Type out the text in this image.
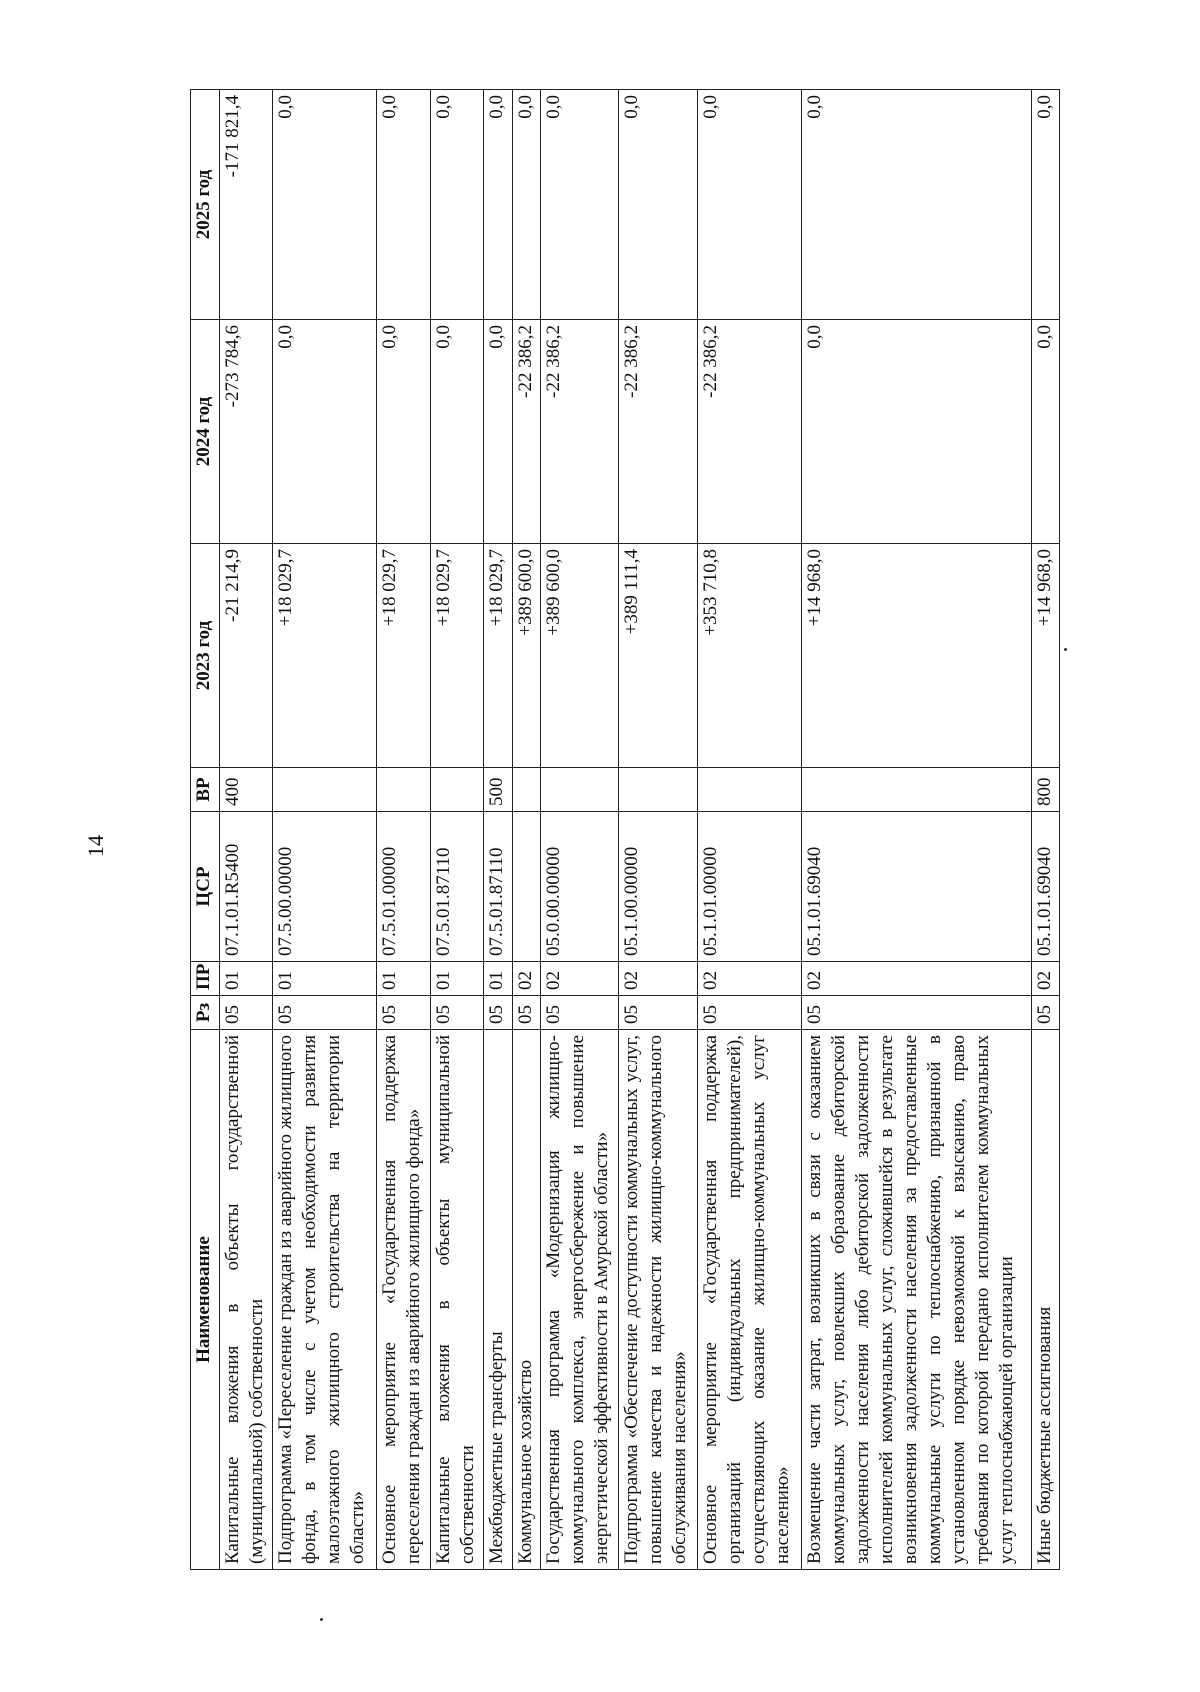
14
Наименование	Рз	ПР	ЦСР	ВР	2023 год	2024 год	2025 год
Капитальные вложения в объекты государственной (муниципальной) собственности	05	01	07.1.01.R5400	400	-21 214,9	-273 784,6	-171 821,4
Подпрограмма «Переселение граждан из аварийного жилищного фонда, в том числе с учетом необходимости развития малоэтажного жилищного строительства на территории области»	05	01	07.5.00.00000		+18 029,7	0,0	0,0
Основное мероприятие «Государственная поддержка переселения граждан из аварийного жилищного фонда»	05	01	07.5.01.00000		+18 029,7	0,0	0,0
Капитальные вложения в объекты муниципальной собственности	05	01	07.5.01.87110		+18 029,7	0,0	0,0
Межбюджетные трансферты	05	01	07.5.01.87110	500	+18 029,7	0,0	0,0
Коммунальное хозяйство	05	02			+389 600,0	-22 386,2	0,0
Государственная программа «Модернизация жилищно-коммунального комплекса, энергосбережение и повышение энергетической эффективности в Амурской области»	05	02	05.0.00.00000		+389 600,0	-22 386,2	0,0
Подпрограмма «Обеспечение доступности коммунальных услуг, повышение качества и надежности жилищно-коммунального обслуживания населения»	05	02	05.1.00.00000		+389 111,4	-22 386,2	0,0
Основное мероприятие «Государственная поддержка организаций (индивидуальных предпринимателей), осуществляющих оказание жилищно-коммунальных услуг населению»	05	02	05.1.01.00000		+353 710,8	-22 386,2	0,0
Возмещение части затрат, возникших в связи с оказанием коммунальных услуг, повлекших образование дебиторской задолженности населения либо дебиторской задолженности исполнителей коммунальных услуг, сложившейся в результате возникновения задолженности населения за предоставленные коммунальные услуги по теплоснабжению, признанной в установленном порядке невозможной к взысканию, право требования по которой передано исполнителем коммунальных услуг теплоснабжающей организации	05	02	05.1.01.69040		+14 968,0	0,0	0,0
Иные бюджетные ассигнования	05	02	05.1.01.69040	800	+14 968,0	0,0	0,0
